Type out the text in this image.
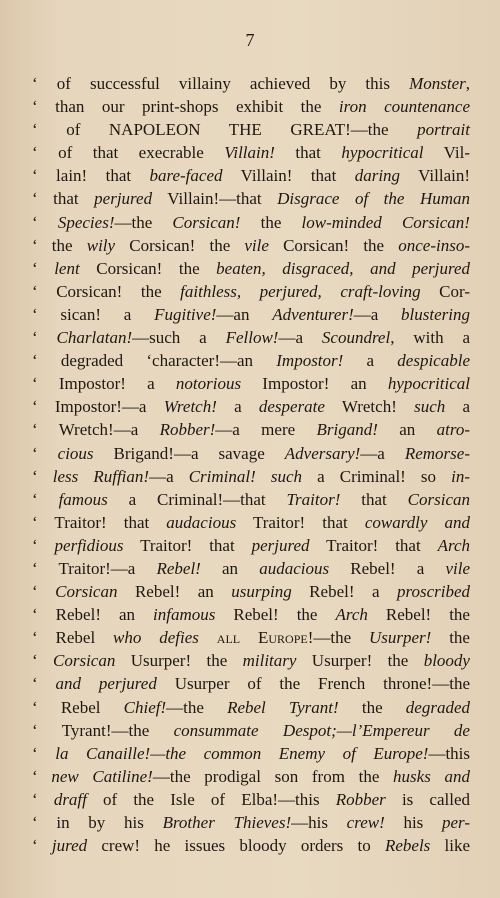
7
‘ of successful villainy achieved by this Monster,
‘ than our print-shops exhibit the iron countenance
‘ of NAPOLEON THE GREAT!—the portrait
‘ of that execrable Villain! that hypocritical Vil-
‘ lain! that bare-faced Villain! that daring Villain!
‘ that perjured Villain!—that Disgrace of the Human
‘ Species!—the Corsican! the low-minded Corsican!
‘ the wily Corsican! the vile Corsican! the once-inso-
‘ lent Corsican! the beaten, disgraced, and perjured
‘ Corsican! the faithless, perjured, craft-loving Cor-
‘ sican! a Fugitive!—an Adventurer!—a blustering
‘ Charlatan!—such a Fellow!—a Scoundrel, with a
‘ degraded ‘character!—an Impostor! a despicable
‘ Impostor! a notorious Impostor! an hypocritical
‘ Impostor!—a Wretch! a desperate Wretch! such a
‘ Wretch!—a Robber!—a mere Brigand! an atro-
‘ cious Brigand!—a savage Adversary!—a Remorse-
‘ less Ruffian!—a Criminal! such a Criminal! so in-
‘ famous a Criminal!—that Traitor! that Corsican
‘ Traitor! that audacious Traitor! that cowardly and
‘ perfidious Traitor! that perjured Traitor! that Arch
‘ Traitor!—a Rebel! an audacious Rebel! a vile
‘ Corsican Rebel! an usurping Rebel! a proscribed
‘ Rebel! an infamous Rebel! the Arch Rebel! the
‘ Rebel who defies all Europe!—the Usurper! the
‘ Corsican Usurper! the military Usurper! the bloody
‘ and perjured Usurper of the French throne!—the
‘ Rebel Chief!—the Rebel Tyrant! the degraded
‘ Tyrant!—the consummate Despot;—l’Empereur de
‘ la Canaille!—the common Enemy of Europe!—this
‘ new Catiline!—the prodigal son from the husks and
‘ draff of the Isle of Elba!—this Robber is called
‘ in by his Brother Thieves!—his crew! his per-
‘ jured crew! he issues bloody orders to Rebels like
